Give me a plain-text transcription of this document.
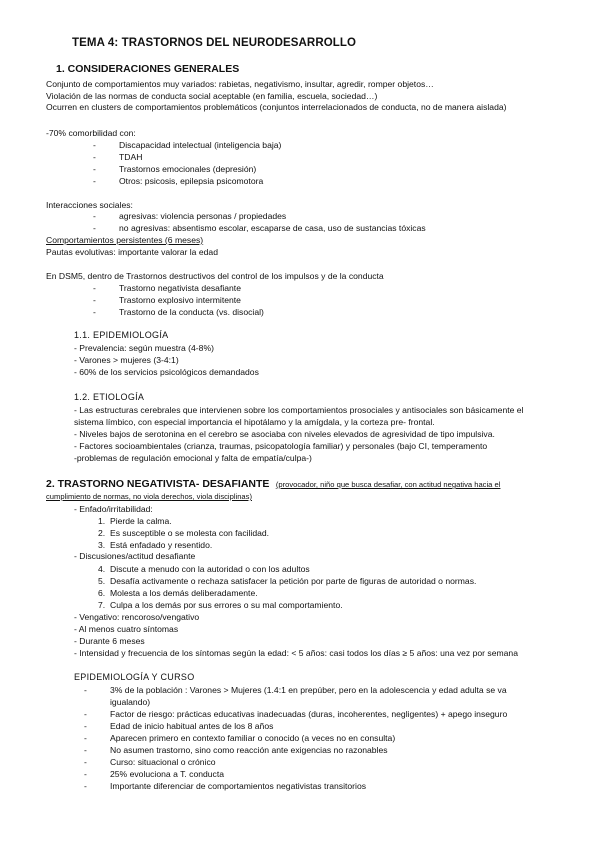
TEMA 4: TRASTORNOS DEL NEURODESARROLLO
1. CONSIDERACIONES GENERALES
Conjunto de comportamientos muy variados: rabietas, negativismo, insultar, agredir, romper objetos…
Violación de las normas de conducta social aceptable (en familia, escuela, sociedad…)
Ocurren en clusters de comportamientos problemáticos (conjuntos interrelacionados de conducta, no de manera aislada)
-70% comorbilidad con:
- Discapacidad intelectual (inteligencia baja)
- TDAH
- Trastornos emocionales (depresión)
- Otros: psicosis, epilepsia psicomotora
Interacciones sociales:
- agresivas: violencia personas / propiedades
- no agresivas: absentismo escolar, escaparse de casa, uso de sustancias tóxicas
Comportamientos persistentes (6 meses)
Pautas evolutivas: importante valorar la edad
En DSM5, dentro de Trastornos destructivos del control de los impulsos y de la conducta
- Trastorno negativista desafiante
- Trastorno explosivo intermitente
- Trastorno de la conducta (vs. disocial)
1.1. EPIDEMIOLOGÍA
- Prevalencia: según muestra (4-8%)
- Varones > mujeres (3-4:1)
- 60% de los servicios psicológicos demandados
1.2. ETIOLOGÍA
- Las estructuras cerebrales que intervienen sobre los comportamientos prosociales y antisociales son básicamente el
sistema límbico, con especial importancia el hipotálamo y la amígdala, y la corteza pre- frontal.
- Niveles bajos de serotonina en el cerebro se asociaba con niveles elevados de agresividad de tipo impulsiva.
- Factores socioambientales (crianza, traumas, psicopatología familiar) y personales (bajo CI, temperamento
-problemas de regulación emocional y falta de empatía/culpa-)
2. TRASTORNO NEGATIVISTA- DESAFIANTE (provocador, niño que busca desafiar, con actitud negativa hacia el
cumplimiento de normas, no viola derechos, viola disciplinas)
- Enfado/irritabilidad:
1. Pierde la calma.
2. Es susceptible o se molesta con facilidad.
3. Está enfadado y resentido.
- Discusiones/actitud desafiante
4. Discute a menudo con la autoridad o con los adultos
5. Desafía activamente o rechaza satisfacer la petición por parte de figuras de autoridad o normas.
6. Molesta a los demás deliberadamente.
7. Culpa a los demás por sus errores o su mal comportamiento.
- Vengativo: rencoroso/vengativo
- Al menos cuatro síntomas
- Durante 6 meses
- Intensidad y frecuencia de los síntomas según la edad: < 5 años: casi todos los días ≥ 5 años: una vez por semana
EPIDEMIOLOGÍA Y CURSO
- 3% de la población : Varones > Mujeres (1.4:1 en prepúber, pero en la adolescencia y edad adulta se va
igualando)
- Factor de riesgo: prácticas educativas inadecuadas (duras, incoherentes, negligentes) + apego inseguro
- Edad de inicio habitual antes de los 8 años
- Aparecen primero en contexto familiar o conocido (a veces no en consulta)
- No asumen trastorno, sino como reacción ante exigencias no razonables
- Curso: situacional o crónico
- 25% evoluciona a T. conducta
- Importante diferenciar de comportamientos negativistas transitorios
